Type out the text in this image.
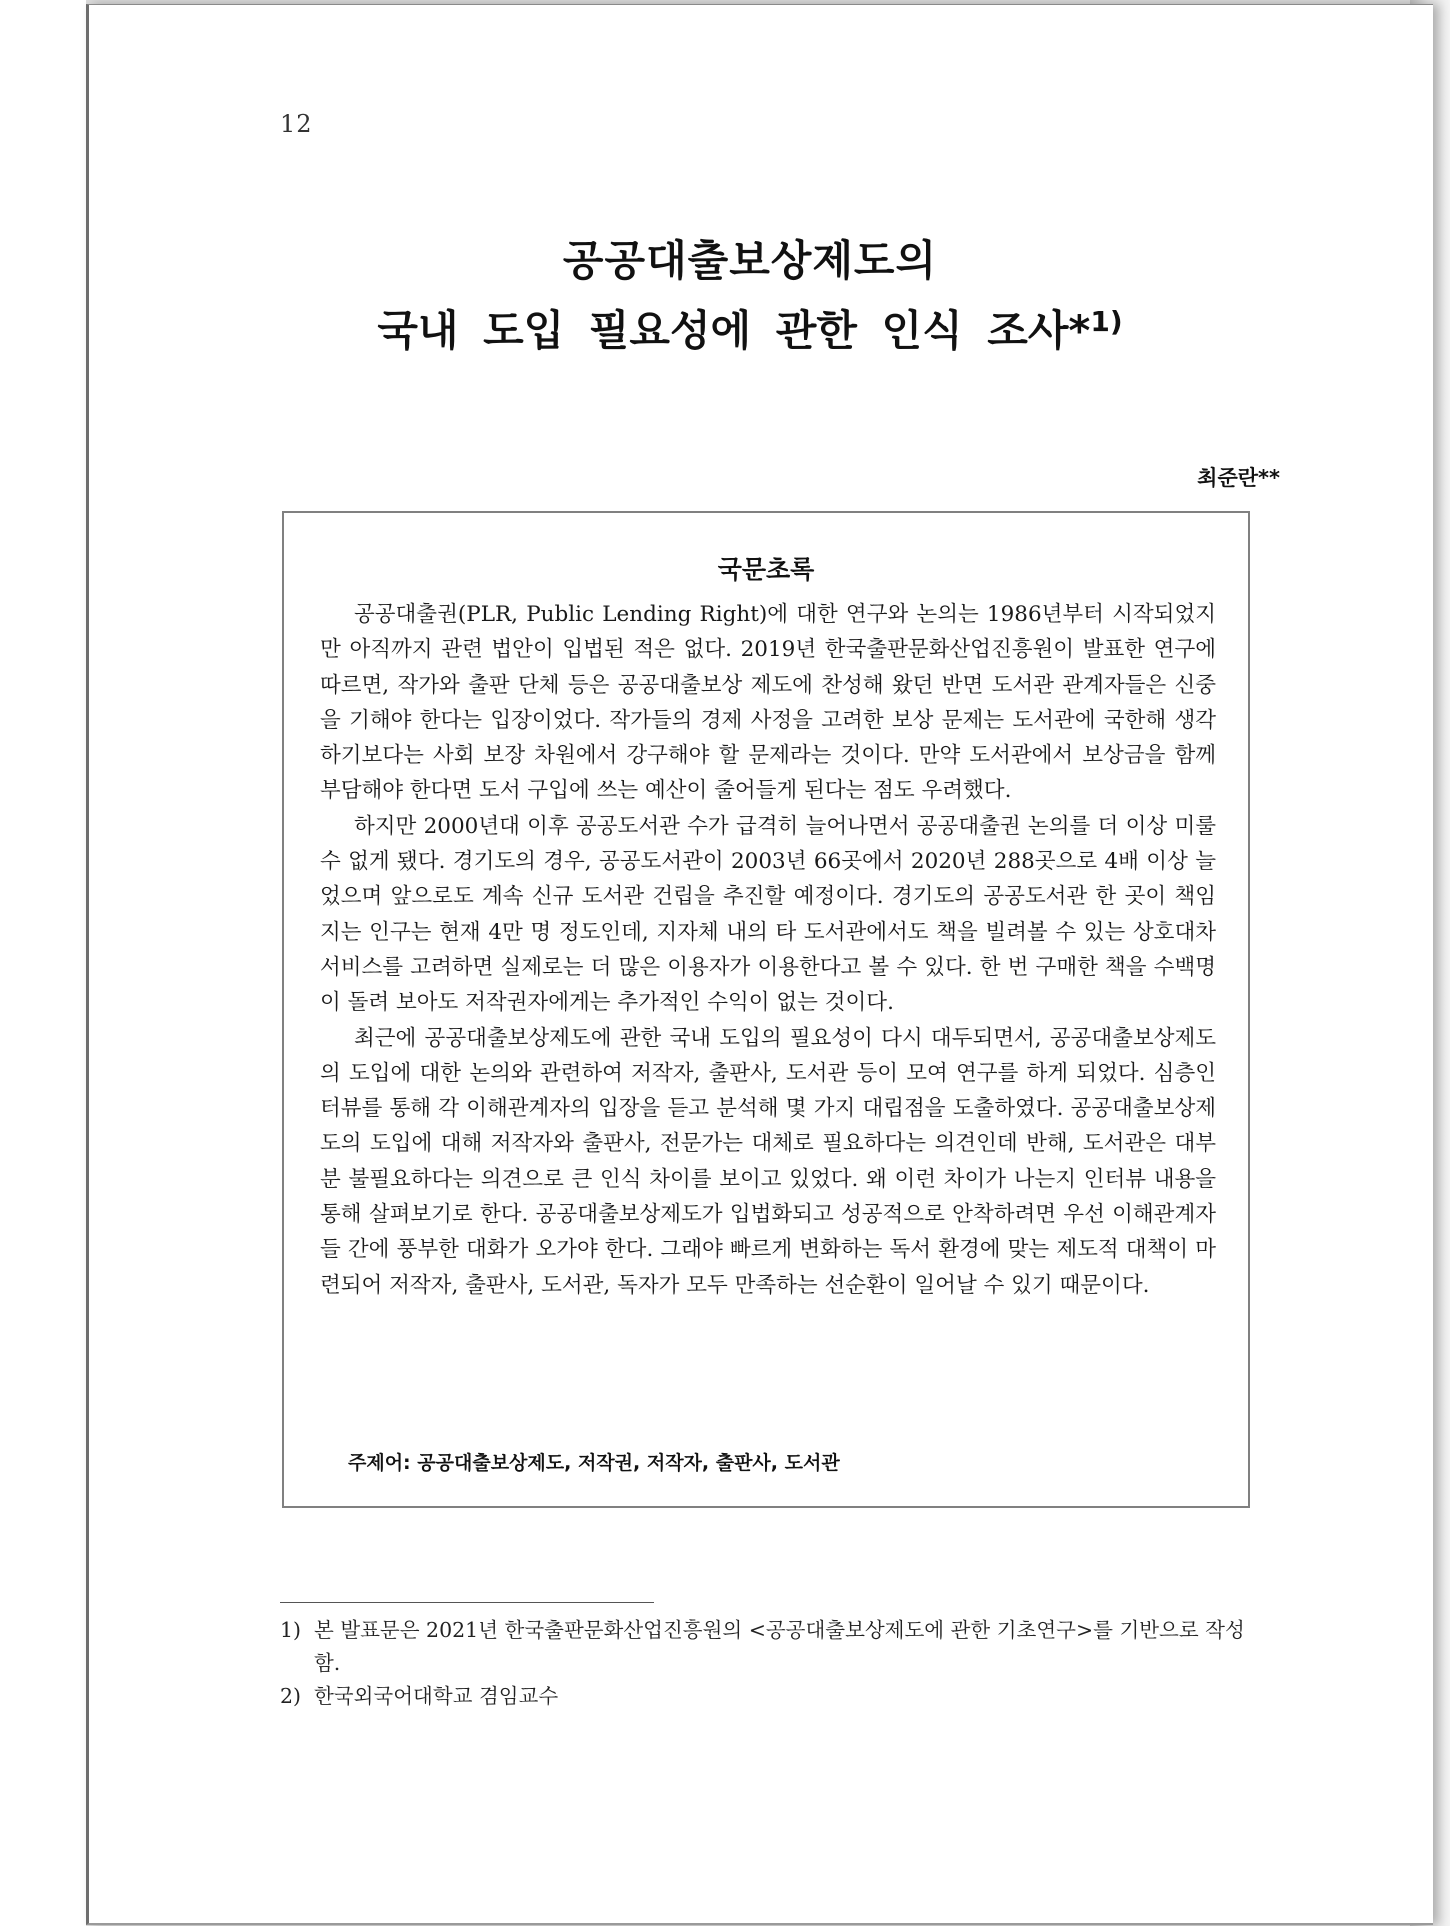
12
공공대출보상제도의
국내 도입 필요성에 관한 인식 조사*$^{1)}$
최준란**
국문초록

공공대출권(PLR, Public Lending Right)에 대한 연구와 논의는 1986년부터 시작되었지만 아직까지 관련 법안이 입법된 적은 없다. 2019년 한국출판문화산업진흥원이 발표한 연구에 따르면, 작가와 출판 단체 등은 공공대출보상 제도에 찬성해 왔던 반면 도서관 관계자들은 신중을 기해야 한다는 입장이었다. 작가들의 경제 사정을 고려한 보상 문제는 도서관에 국한해 생각하기보다는 사회 보장 차원에서 강구해야 할 문제라는 것이다. 만약 도서관에서 보상금을 함께 부담해야 한다면 도서 구입에 쓰는 예산이 줄어들게 된다는 점도 우려했다.

하지만 2000년대 이후 공공도서관 수가 급격히 늘어나면서 공공대출권 논의를 더 이상 미룰 수 없게 됐다. 경기도의 경우, 공공도서관이 2003년 66곳에서 2020년 288곳으로 4배 이상 늘었으며 앞으로도 계속 신규 도서관 건립을 추진할 예정이다. 경기도의 공공도서관 한 곳이 책임지는 인구는 현재 4만 명 정도인데, 지자체 내의 타 도서관에서도 책을 빌려볼 수 있는 상호대차 서비스를 고려하면 실제로는 더 많은 이용자가 이용한다고 볼 수 있다. 한 번 구매한 책을 수백명이 돌려 보아도 저작권자에게는 추가적인 수익이 없는 것이다.

최근에 공공대출보상제도에 관한 국내 도입의 필요성이 다시 대두되면서, 공공대출보상제도의 도입에 대한 논의와 관련하여 저작자, 출판사, 도서관 등이 모여 연구를 하게 되었다. 심층인터뷰를 통해 각 이해관계자의 입장을 듣고 분석해 몇 가지 대립점을 도출하였다. 공공대출보상제도의 도입에 대해 저작자와 출판사, 전문가는 대체로 필요하다는 의견인데 반해, 도서관은 대부분 불필요하다는 의견으로 큰 인식 차이를 보이고 있었다. 왜 이런 차이가 나는지 인터뷰 내용을 통해 살펴보기로 한다. 공공대출보상제도가 입법화되고 성공적으로 안착하려면 우선 이해관계자들 간에 풍부한 대화가 오가야 한다. 그래야 빠르게 변화하는 독서 환경에 맞는 제도적 대책이 마련되어 저작자, 출판사, 도서관, 독자가 모두 만족하는 선순환이 일어날 수 있기 때문이다.

주제어: 공공대출보상제도, 저작권, 저작자, 출판사, 도서관
1) 본 발표문은 2021년 한국출판문화산업진흥원의 <공공대출보상제도에 관한 기초연구>를 기반으로 작성함.
2) 한국외국어대학교 겸임교수
